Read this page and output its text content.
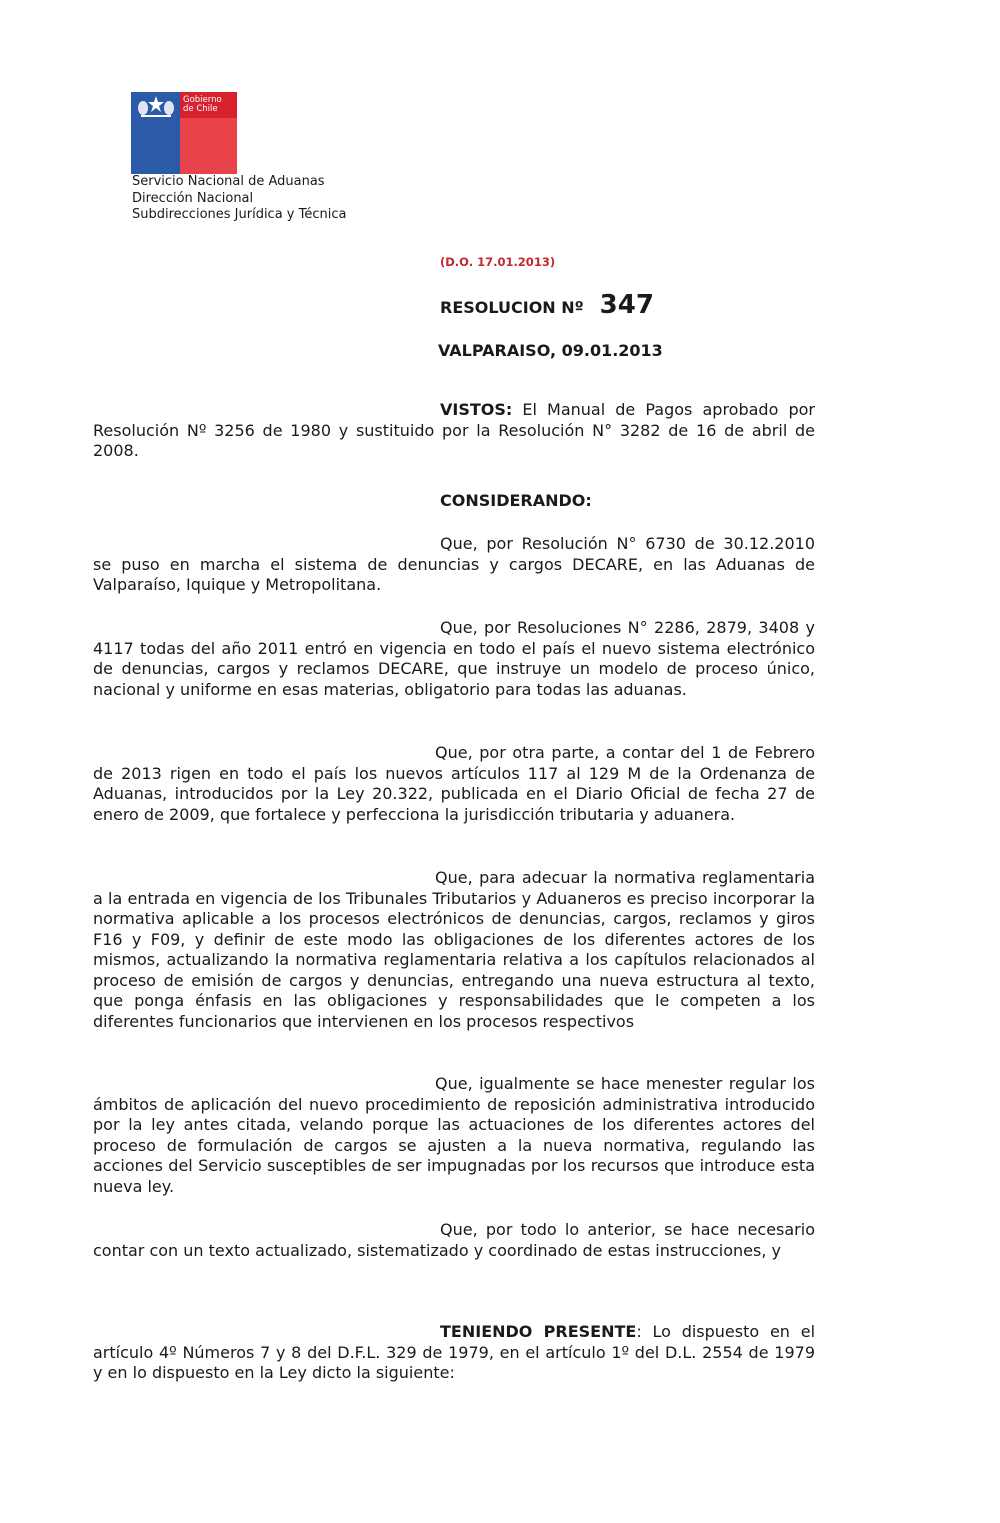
Gobierno
de Chile
Servicio Nacional de Aduanas
Dirección Nacional
Subdirecciones Jurídica y Técnica
(D.O. 17.01.2013)
RESOLUCION Nº 347
VALPARAISO, 09.01.2013
VISTOS: El Manual de Pagos aprobado por Resolución Nº 3256 de 1980 y sustituido por la Resolución N° 3282 de 16 de abril de 2008.
CONSIDERANDO:
Que, por Resolución N° 6730 de 30.12.2010 se puso en marcha el sistema de denuncias y cargos DECARE, en las Aduanas de Valparaíso, Iquique y Metropolitana.
Que, por Resoluciones N° 2286, 2879, 3408 y 4117 todas del año 2011 entró en vigencia en todo el país el nuevo sistema electrónico de denuncias, cargos y reclamos DECARE, que instruye un modelo de proceso único, nacional y uniforme en esas materias, obligatorio para todas las aduanas.
Que, por otra parte, a contar del 1 de Febrero de 2013 rigen en todo el país los nuevos artículos 117 al 129 M de la Ordenanza de Aduanas, introducidos por la Ley 20.322, publicada en el Diario Oficial de fecha 27 de enero de 2009, que fortalece y perfecciona la jurisdicción tributaria y aduanera.
Que, para adecuar la normativa reglamentaria a la entrada en vigencia de los Tribunales Tributarios y Aduaneros es preciso incorporar la normativa aplicable a los procesos electrónicos de denuncias, cargos, reclamos y giros F16 y F09, y definir de este modo las obligaciones de los diferentes actores de los mismos, actualizando la normativa reglamentaria relativa a los capítulos relacionados al proceso de emisión de cargos y denuncias, entregando una nueva estructura al texto, que ponga énfasis en las obligaciones y responsabilidades que le competen a los diferentes funcionarios que intervienen en los procesos respectivos
Que, igualmente se hace menester regular los ámbitos de aplicación del nuevo procedimiento de reposición administrativa introducido por la ley antes citada, velando porque las actuaciones de los diferentes actores del proceso de formulación de cargos se ajusten a la nueva normativa, regulando las acciones del Servicio susceptibles de ser impugnadas por los recursos que introduce esta nueva ley.
Que, por todo lo anterior, se hace necesario contar con un texto actualizado, sistematizado y coordinado de estas instrucciones, y
TENIENDO PRESENTE: Lo dispuesto en el artículo 4º Números 7 y 8 del D.F.L. 329 de 1979, en el artículo 1º del D.L. 2554 de 1979 y en lo dispuesto en la Ley dicto la siguiente:
